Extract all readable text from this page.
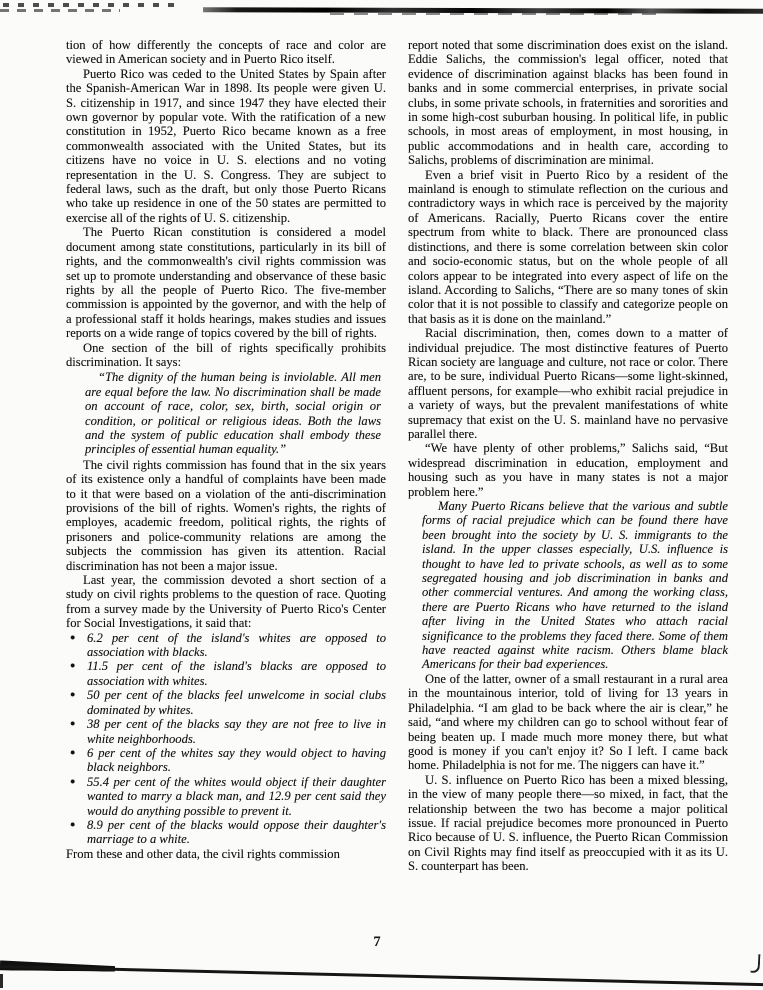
tion of how differently the concepts of race and color are viewed in American society and in Puerto Rico itself.

Puerto Rico was ceded to the United States by Spain after the Spanish-American War in 1898. Its people were given U. S. citizenship in 1917, and since 1947 they have elected their own governor by popular vote. With the ratification of a new constitution in 1952, Puerto Rico became known as a free commonwealth associated with the United States, but its citizens have no voice in U. S. elections and no voting representation in the U. S. Congress. They are subject to federal laws, such as the draft, but only those Puerto Ricans who take up residence in one of the 50 states are permitted to exercise all of the rights of U. S. citizenship.

The Puerto Rican constitution is considered a model document among state constitutions, particularly in its bill of rights, and the commonwealth's civil rights commission was set up to promote understanding and observance of these basic rights by all the people of Puerto Rico. The five-member commission is appointed by the governor, and with the help of a professional staff it holds hearings, makes studies and issues reports on a wide range of topics covered by the bill of rights.

One section of the bill of rights specifically prohibits discrimination. It says:

“The dignity of the human being is inviolable. All men are equal before the law. No discrimination shall be made on account of race, color, sex, birth, social origin or condition, or political or religious ideas. Both the laws and the system of public education shall embody these principles of essential human equality.”

The civil rights commission has found that in the six years of its existence only a handful of complaints have been made to it that were based on a violation of the anti-discrimination provisions of the bill of rights. Women's rights, the rights of employes, academic freedom, political rights, the rights of prisoners and police-community relations are among the subjects the commission has given its attention. Racial discrimination has not been a major issue.

Last year, the commission devoted a short section of a study on civil rights problems to the question of race. Quoting from a survey made by the University of Puerto Rico's Center for Social Investigations, it said that:

● 6.2 per cent of the island's whites are opposed to association with blacks.
● 11.5 per cent of the island's blacks are opposed to association with whites.
● 50 per cent of the blacks feel unwelcome in social clubs dominated by whites.
● 38 per cent of the blacks say they are not free to live in white neighborhoods.
● 6 per cent of the whites say they would object to having black neighbors.
● 55.4 per cent of the whites would object if their daughter wanted to marry a black man, and 12.9 per cent said they would do anything possible to prevent it.
● 8.9 per cent of the blacks would oppose their daughter's marriage to a white.

From these and other data, the civil rights commission

report noted that some discrimination does exist on the island. Eddie Salichs, the commission's legal officer, noted that evidence of discrimination against blacks has been found in banks and in some commercial enterprises, in private social clubs, in some private schools, in fraternities and sororities and in some high-cost suburban housing. In political life, in public schools, in most areas of employment, in most housing, in public accommodations and in health care, according to Salichs, problems of discrimination are minimal.

Even a brief visit in Puerto Rico by a resident of the mainland is enough to stimulate reflection on the curious and contradictory ways in which race is perceived by the majority of Americans. Racially, Puerto Ricans cover the entire spectrum from white to black. There are pronounced class distinctions, and there is some correlation between skin color and socio-economic status, but on the whole people of all colors appear to be integrated into every aspect of life on the island. According to Salichs, “There are so many tones of skin color that it is not possible to classify and categorize people on that basis as it is done on the mainland.”

Racial discrimination, then, comes down to a matter of individual prejudice. The most distinctive features of Puerto Rican society are language and culture, not race or color. There are, to be sure, individual Puerto Ricans—some light-skinned, affluent persons, for example—who exhibit racial prejudice in a variety of ways, but the prevalent manifestations of white supremacy that exist on the U. S. mainland have no pervasive parallel there.

“We have plenty of other problems,” Salichs said, “But widespread discrimination in education, employment and housing such as you have in many states is not a major problem here.”

Many Puerto Ricans believe that the various and subtle forms of racial prejudice which can be found there have been brought into the society by U. S. immigrants to the island. In the upper classes especially, U.S. influence is thought to have led to private schools, as well as to some segregated housing and job discrimination in banks and other commercial ventures. And among the working class, there are Puerto Ricans who have returned to the island after living in the United States who attach racial significance to the problems they faced there. Some of them have reacted against white racism. Others blame black Americans for their bad experiences.

One of the latter, owner of a small restaurant in a rural area in the mountainous interior, told of living for 13 years in Philadelphia. “I am glad to be back where the air is clear,” he said, “and where my children can go to school without fear of being beaten up. I made much more money there, but what good is money if you can't enjoy it? So I left. I came back home. Philadelphia is not for me. The niggers can have it.”

U. S. influence on Puerto Rico has been a mixed blessing, in the view of many people there—so mixed, in fact, that the relationship between the two has become a major political issue. If racial prejudice becomes more pronounced in Puerto Rico because of U. S. influence, the Puerto Rican Commission on Civil Rights may find itself as preoccupied with it as its U. S. counterpart has been.

7
